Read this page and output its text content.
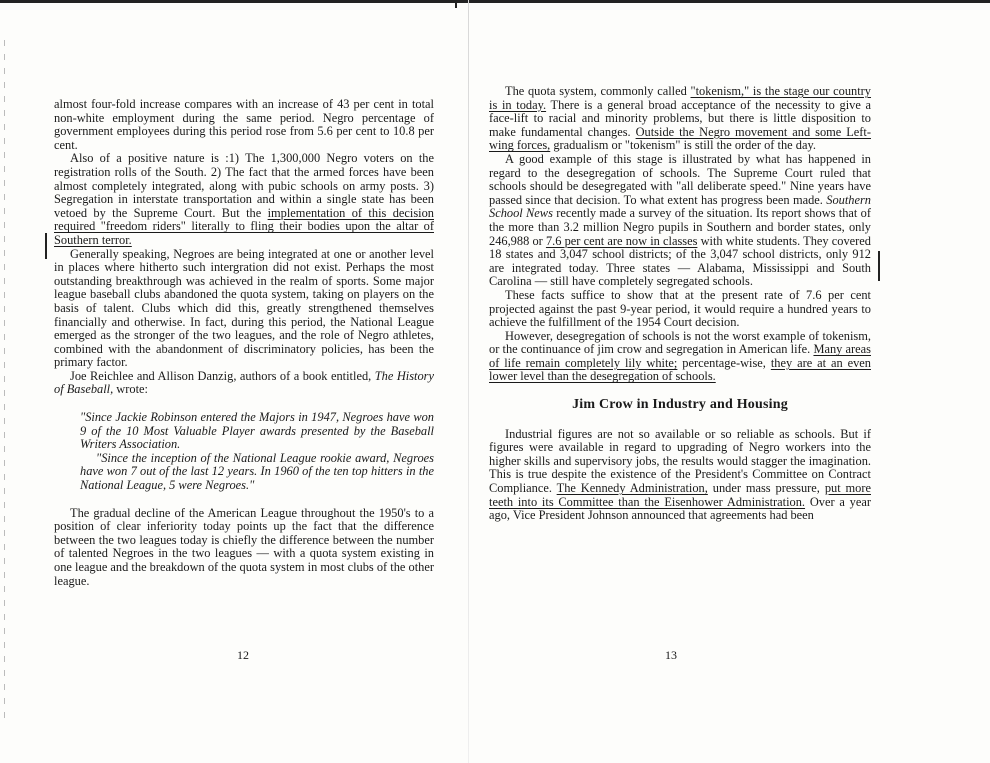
almost four-fold increase compares with an increase of 43 per cent in total non-white employment during the same period. Negro percentage of government employees during this period rose from 5.6 per cent to 10.8 per cent.

Also of a positive nature is :1) The 1,300,000 Negro voters on the registration rolls of the South. 2) The fact that the armed forces have been almost completely integrated, along with pubic schools on army posts. 3) Segregation in interstate transportation and within a single state has been vetoed by the Supreme Court. But the implementation of this decision required "freedom riders" literally to fling their bodies upon the altar of Southern terror.

Generally speaking, Negroes are being integrated at one or another level in places where hitherto such intergration did not exist. Perhaps the most outstanding breakthrough was achieved in the realm of sports. Some major league baseball clubs abandoned the quota system, taking on players on the basis of talent. Clubs which did this, greatly strengthened themselves financially and otherwise. In fact, during this period, the National League emerged as the stronger of the two leagues, and the role of Negro athletes, combined with the abandonment of discriminatory policies, has been the primary factor.

Joe Reichlee and Allison Danzig, authors of a book entitled, The History of Baseball, wrote:

"Since Jackie Robinson entered the Majors in 1947, Negroes have won 9 of the 10 Most Valuable Player awards presented by the Baseball Writers Association.

"Since the inception of the National League rookie award, Negroes have won 7 out of the last 12 years. In 1960 of the ten top hitters in the National League, 5 were Negroes."

The gradual decline of the American League throughout the 1950's to a position of clear inferiority today points up the fact that the difference between the two leagues today is chiefly the difference between the number of talented Negroes in the two leagues — with a quota system existing in one league and the breakdown of the quota system in most clubs of the other league.

12

The quota system, commonly called "tokenism," is the stage our country is in today. There is a general broad acceptance of the necessity to give a face-lift to racial and minority problems, but there is little disposition to make fundamental changes. Outside the Negro movement and some Left-wing forces, gradualism or "tokenism" is still the order of the day.

A good example of this stage is illustrated by what has happened in regard to the desegregation of schools. The Supreme Court ruled that schools should be desegregated with "all deliberate speed." Nine years have passed since that decision. To what extent has progress been made. Southern School News recently made a survey of the situation. Its report shows that of the more than 3.2 million Negro pupils in Southern and border states, only 246,988 or 7.6 per cent are now in classes with white students. They covered 18 states and 3,047 school districts; of the 3,047 school districts, only 912 are integrated today. Three states — Alabama, Mississippi and South Carolina — still have completely segregated schools.

These facts suffice to show that at the present rate of 7.6 per cent projected against the past 9-year period, it would require a hundred years to achieve the fulfillment of the 1954 Court decision.

However, desegregation of schools is not the worst example of tokenism, or the continuance of jim crow and segregation in American life. Many areas of life remain completely lily white; percentage-wise, they are at an even lower level than the desegregation of schools.

Jim Crow in Industry and Housing

Industrial figures are not so available or so reliable as schools. But if figures were available in regard to upgrading of Negro workers into the higher skills and supervisory jobs, the results would stagger the imagination. This is true despite the existence of the President's Committee on Contract Compliance. The Kennedy Administration, under mass pressure, put more teeth into its Committee than the Eisenhower Administration. Over a year ago, Vice President Johnson announced that agreements had been

13
